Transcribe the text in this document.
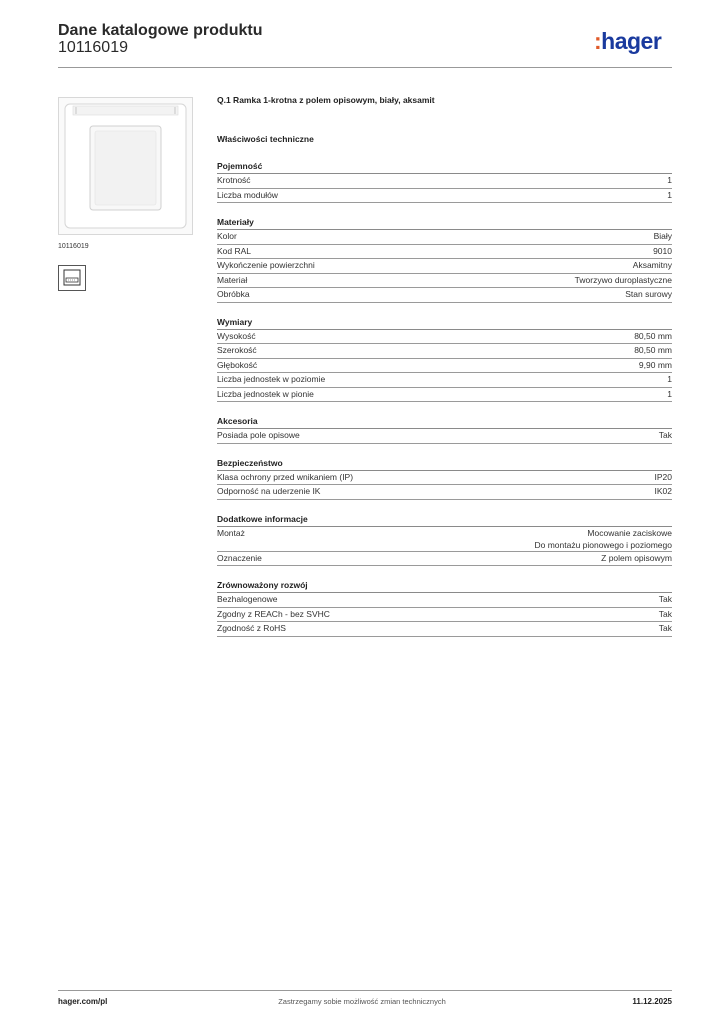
Dane katalogowe produktu
10116019	:hager
10116019
Q.1 Ramka 1-krotna z polem opisowym, biały, aksamit
Właściwości techniczne
Pojemność
Krotność	1
Liczba modułów	1
Materiały
Kolor	Biały
Kod RAL	9010
Wykończenie powierzchni	Aksamitny
Materiał	Tworzywo duroplastyczne
Obróbka	Stan surowy
Wymiary
Wysokość	80,50 mm
Szerokość	80,50 mm
Głębokość	9,90 mm
Liczba jednostek w poziomie	1
Liczba jednostek w pionie	1
Akcesoria
Posiada pole opisowe	Tak
Bezpieczeństwo
Klasa ochrony przed wnikaniem (IP)	IP20
Odporność na uderzenie IK	IK02
Dodatkowe informacje
Montaż	Mocowanie zaciskowe
Do montażu pionowego i poziomego
Oznaczenie	Z polem opisowym
Zrównoważony rozwój
Bezhalogenowe	Tak
Zgodny z REACh - bez SVHC	Tak
Zgodność z RoHS	Tak
hager.com/pl	Zastrzegamy sobie możliwość zmian technicznych	11.12.2025
